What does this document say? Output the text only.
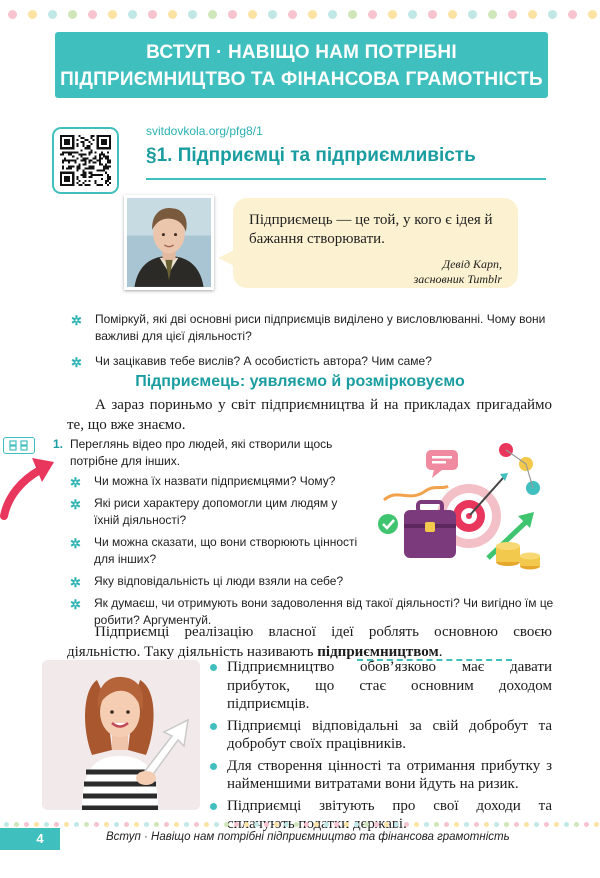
ВСТУП · НАВІЩО НАМ ПОТРІБНІ
ПІДПРИЄМНИЦТВО ТА ФІНАНСОВА ГРАМОТНІСТЬ
svitdovkola.org/pfg8/1
§1. Підприємці та підприємливість
Підприємець — це той, у кого є ідея й бажання створювати.
Девід Карп,
засновник Tumblr
✲ Поміркуй, які дві основні риси підприємців виділено у висловлюванні. Чому вони важливі для цієї діяльності?
✲ Чи зацікавив тебе вислів? А особистість автора? Чим саме?
Підприємець: уявляємо й розмірковуємо
А зараз пориньмо у світ підприємництва й на прикладах пригадаймо те, що вже знаємо.
1. Переглянь відео про людей, які створили щось потрібне для інших.
✲ Чи можна їх назвати підприємцями? Чому?
✲ Які риси характеру допомогли цим людям у їхній діяльності?
✲ Чи можна сказати, що вони створюють цінності для інших?
✲ Яку відповідальність ці люди взяли на себе?
✲ Як думаєш, чи отримують вони задоволення від такої діяльності? Чи вигідно їм це робити? Аргументуй.
Підприємці реалізацію власної ідеї роблять основною своєю діяльністю. Таку діяльність називають підприємництвом.
Підприємництво обов’язково має давати прибуток, що стає основним доходом підприємців.
Підприємці відповідальні за свій добробут та добробут своїх працівників.
Для створення цінності та отримання прибутку з найменшими витратами вони йдуть на ризик.
Підприємці звітують про свої доходи та сплачують державі.
4	Вступ · Навіщо нам потрібні підприємництво та фінансова грамотність
